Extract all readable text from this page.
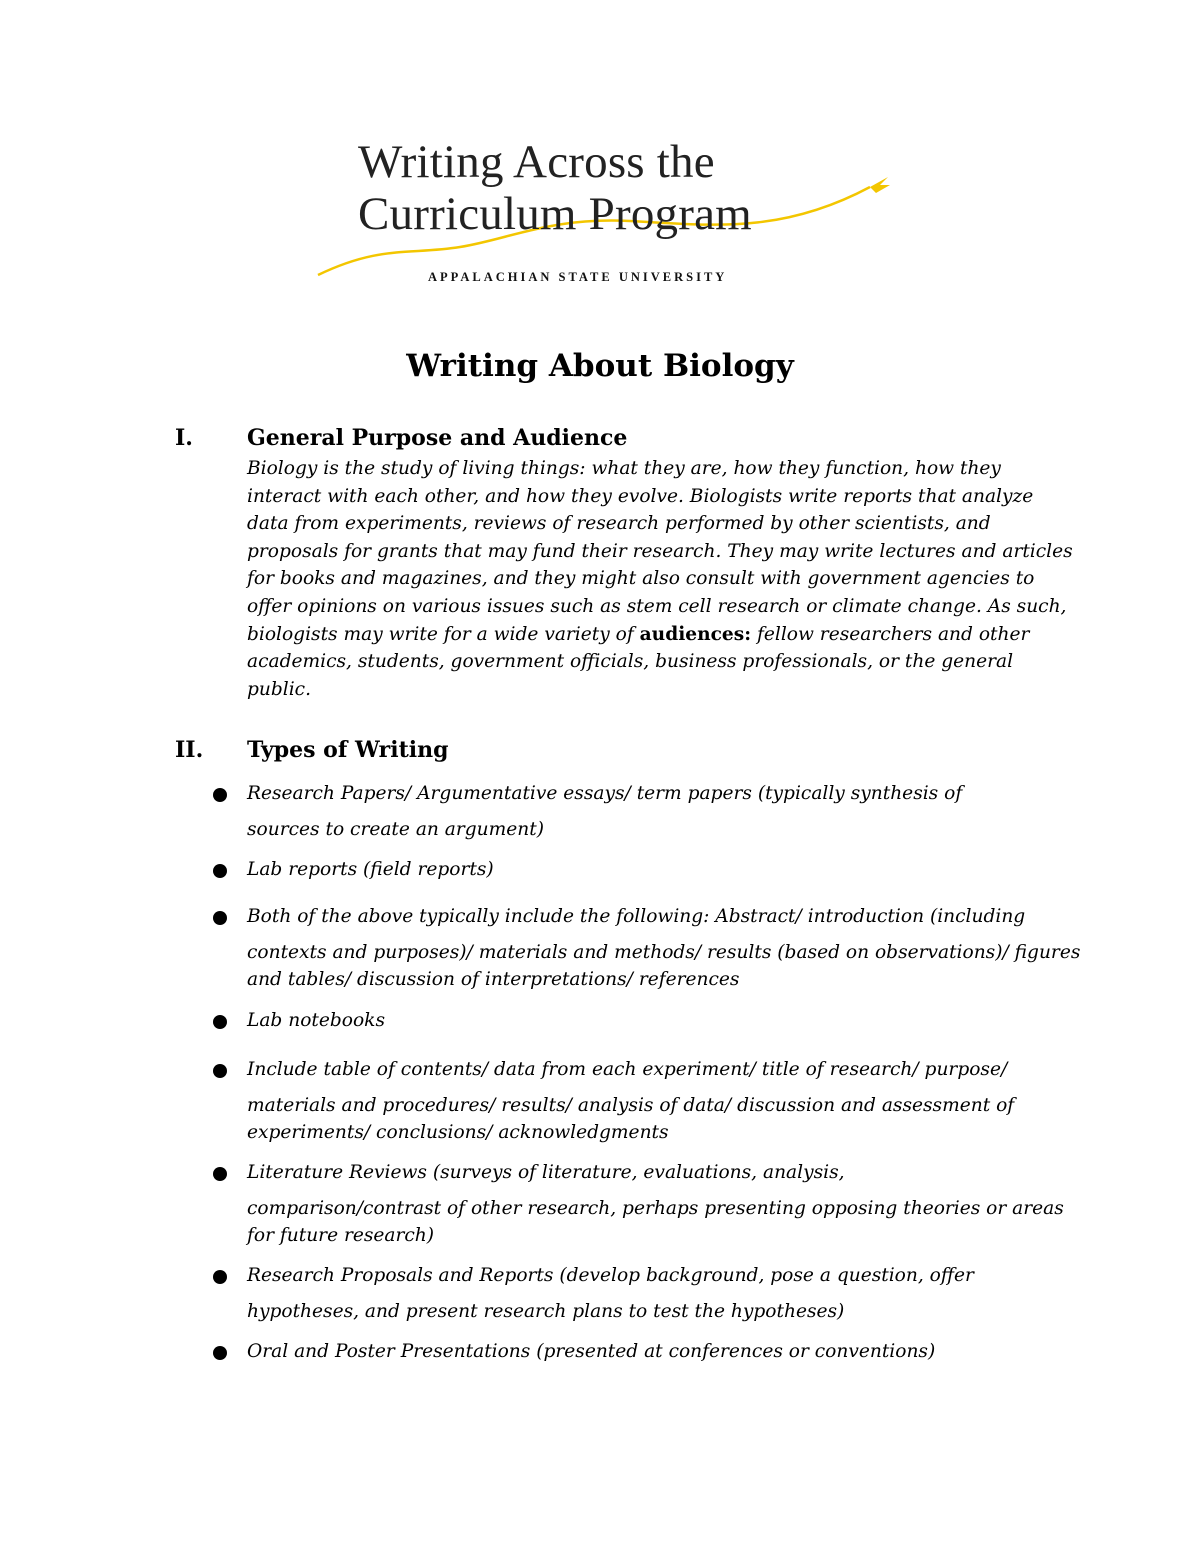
Writing Across the

Curriculum Program

APPALACHIAN STATE UNIVERSITY

Writing About Biology

I. General Purpose and Audience

Biology is the study of living things: what they are, how they function, how they interact with each other, and how they evolve. Biologists write reports that analyze data from experiments, reviews of research performed by other scientists, and proposals for grants that may fund their research. They may write lectures and articles for books and magazines, and they might also consult with government agencies to offer opinions on various issues such as stem cell research or climate change. As such, biologists may write for a wide variety of audiences: fellow researchers and other academics, students, government officials, business professionals, or the general public.

II. Types of Writing

Research Papers/ Argumentative essays/ term papers (typically synthesis of
sources to create an argument)

Lab reports (field reports)

Both of the above typically include the following: Abstract/ introduction (including
contexts and purposes)/ materials and methods/ results (based on observations)/ figures and tables/ discussion of interpretations/ references

Lab notebooks

Include table of contents/ data from each experiment/ title of research/ purpose/
materials and procedures/ results/ analysis of data/ discussion and assessment of experiments/ conclusions/ acknowledgments

Literature Reviews (surveys of literature, evaluations, analysis,
comparison/contrast of other research, perhaps presenting opposing theories or areas for future research)

Research Proposals and Reports (develop background, pose a question, offer
hypotheses, and present research plans to test the hypotheses)

Oral and Poster Presentations (presented at conferences or conventions)
